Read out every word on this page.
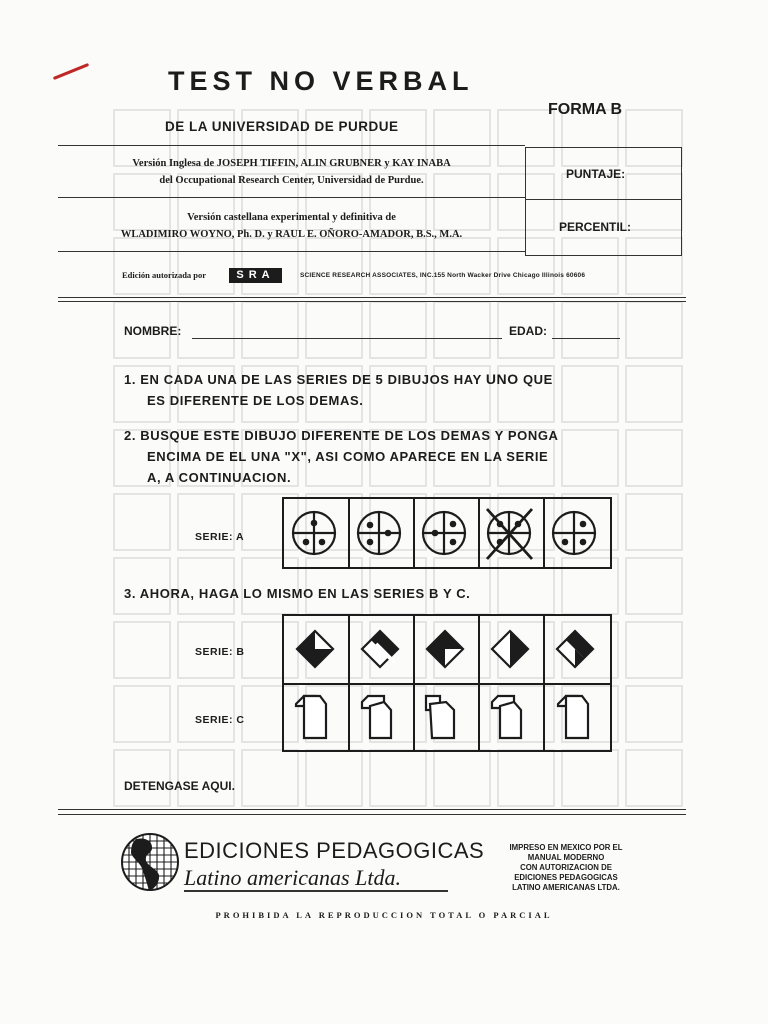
TEST NO VERBAL
DE LA UNIVERSIDAD DE PURDUE
FORMA B
PUNTAJE:
PERCENTIL:
Versión Inglesa de JOSEPH TIFFIN, ALIN GRUBNER y KAY INABA
del Occupational Research Center, Universidad de Purdue.
Versión castellana experimental y definitiva de
WLADIMIRO WOYNO, Ph. D. y RAUL E. OÑORO-AMADOR, B.S., M.A.
Edición autorizada por	SRA	SCIENCE RESEARCH ASSOCIATES, INC.155 North Wacker Drive Chicago Illinois 60606
NOMBRE:	EDAD:
1. EN CADA UNA DE LAS SERIES DE 5 DIBUJOS HAY UNO QUE
ES DIFERENTE DE LOS DEMAS.
2. BUSQUE ESTE DIBUJO DIFERENTE DE LOS DEMAS Y PONGA
ENCIMA DE EL UNA "X", ASI COMO APARECE EN LA SERIE
A, A CONTINUACION.
SERIE: A
3. AHORA, HAGA LO MISMO EN LAS SERIES B Y C.
SERIE: B
SERIE: C
DETENGASE AQUI.
EDICIONES PEDAGOGICAS
Latino americanas Ltda.
IMPRESO EN MEXICO POR EL
MANUAL MODERNO
CON AUTORIZACION DE
EDICIONES PEDAGOGICAS
LATINO AMERICANAS LTDA.
PROHIBIDA LA REPRODUCCION TOTAL O PARCIAL
